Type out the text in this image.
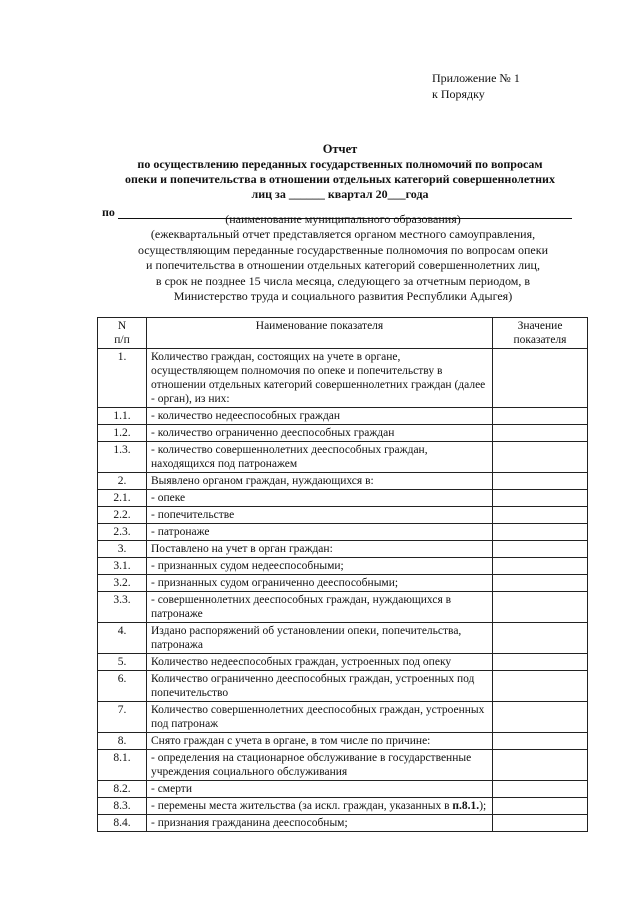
Приложение № 1
к Порядку
Отчет
по осуществлению переданных государственных полномочий по вопросам
опеки и попечительства в отношении отдельных категорий совершеннолетних
лиц за ______ квартал 20___года
по	(наименование муниципального образования)
(ежеквартальный отчет представляется органом местного самоуправления,
осуществляющим переданные государственные полномочия по вопросам опеки
и попечительства в отношении отдельных категорий совершеннолетних лиц,
в срок не позднее 15 числа месяца, следующего за отчетным периодом, в
Министерство труда и социального развития Республики Адыгея)
N
п/п	Наименование показателя	Значение
показателя
1.	Количество граждан, состоящих на учете в органе, осуществляющем полномочия по опеке и попечительству в отношении отдельных категорий совершеннолетних граждан (далее - орган), из них:	
1.1.	- количество недееспособных граждан	
1.2.	- количество ограниченно дееспособных граждан	
1.3.	- количество совершеннолетних дееспособных граждан, находящихся под патронажем	
2.	Выявлено органом граждан, нуждающихся в:	
2.1.	- опеке	
2.2.	- попечительстве	
2.3.	- патронаже	
3.	Поставлено на учет в орган граждан:	
3.1.	- признанных судом недееспособными;	
3.2.	- признанных судом ограниченно дееспособными;	
3.3.	- совершеннолетних дееспособных граждан, нуждающихся в патронаже	
4.	Издано распоряжений об установлении опеки, попечительства, патронажа	
5.	Количество недееспособных граждан, устроенных под опеку	
6.	Количество ограниченно дееспособных граждан, устроенных под попечительство	
7.	Количество совершеннолетних дееспособных граждан, устроенных под патронаж	
8.	Снято граждан с учета в органе, в том числе по причине:	
8.1.	- определения на стационарное обслуживание в государственные учреждения социального обслуживания	
8.2.	- смерти	
8.3.	- перемены места жительства (за искл. граждан, указанных в п.8.1.);	
8.4.	- признания гражданина дееспособным;	
